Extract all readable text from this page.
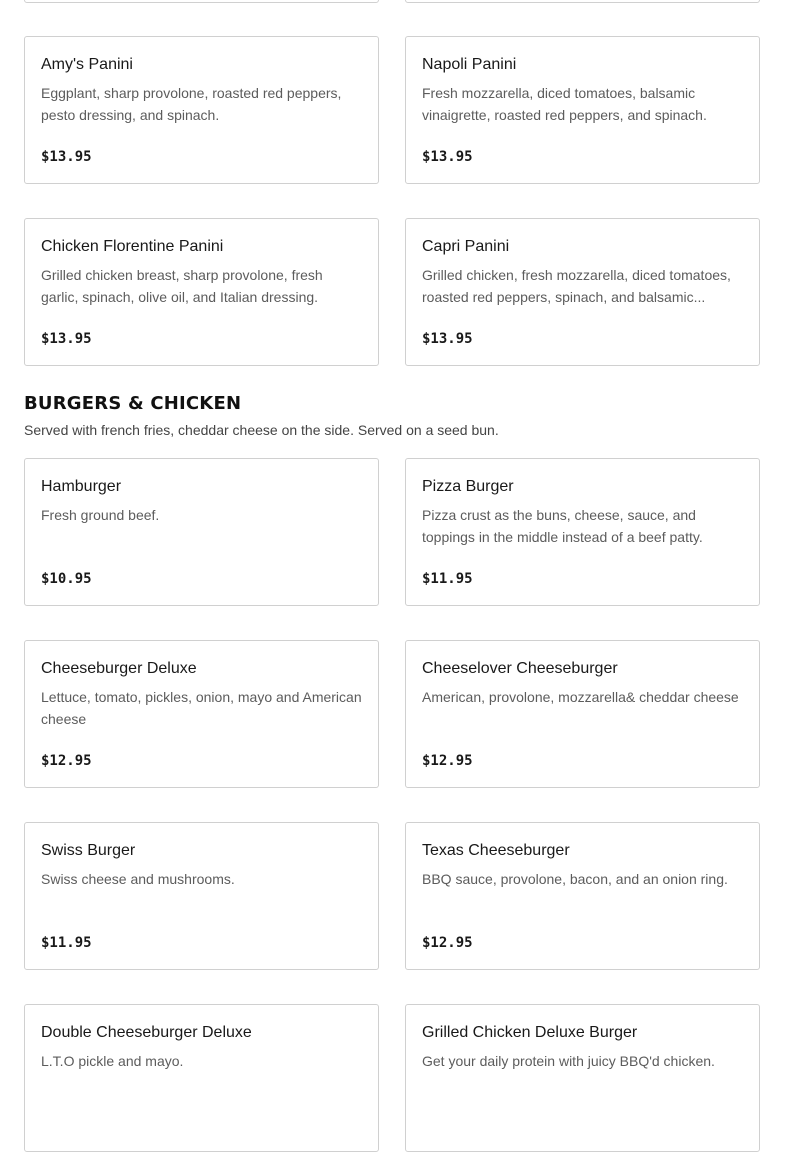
Amy's Panini
Eggplant, sharp provolone, roasted red peppers, pesto dressing, and spinach.
$13.95
Napoli Panini
Fresh mozzarella, diced tomatoes, balsamic vinaigrette, roasted red peppers, and spinach.
$13.95
Chicken Florentine Panini
Grilled chicken breast, sharp provolone, fresh garlic, spinach, olive oil, and Italian dressing.
$13.95
Capri Panini
Grilled chicken, fresh mozzarella, diced tomatoes, roasted red peppers, spinach, and balsamic...
$13.95
BURGERS & CHICKEN
Served with french fries, cheddar cheese on the side. Served on a seed bun.
Hamburger
Fresh ground beef.
$10.95
Pizza Burger
Pizza crust as the buns, cheese, sauce, and toppings in the middle instead of a beef patty.
$11.95
Cheeseburger Deluxe
Lettuce, tomato, pickles, onion, mayo and American cheese
$12.95
Cheeselover Cheeseburger
American, provolone, mozzarella& cheddar cheese
$12.95
Swiss Burger
Swiss cheese and mushrooms.
$11.95
Texas Cheeseburger
BBQ sauce, provolone, bacon, and an onion ring.
$12.95
Double Cheeseburger Deluxe
L.T.O pickle and mayo.
Grilled Chicken Deluxe Burger
Get your daily protein with juicy BBQ'd chicken.
